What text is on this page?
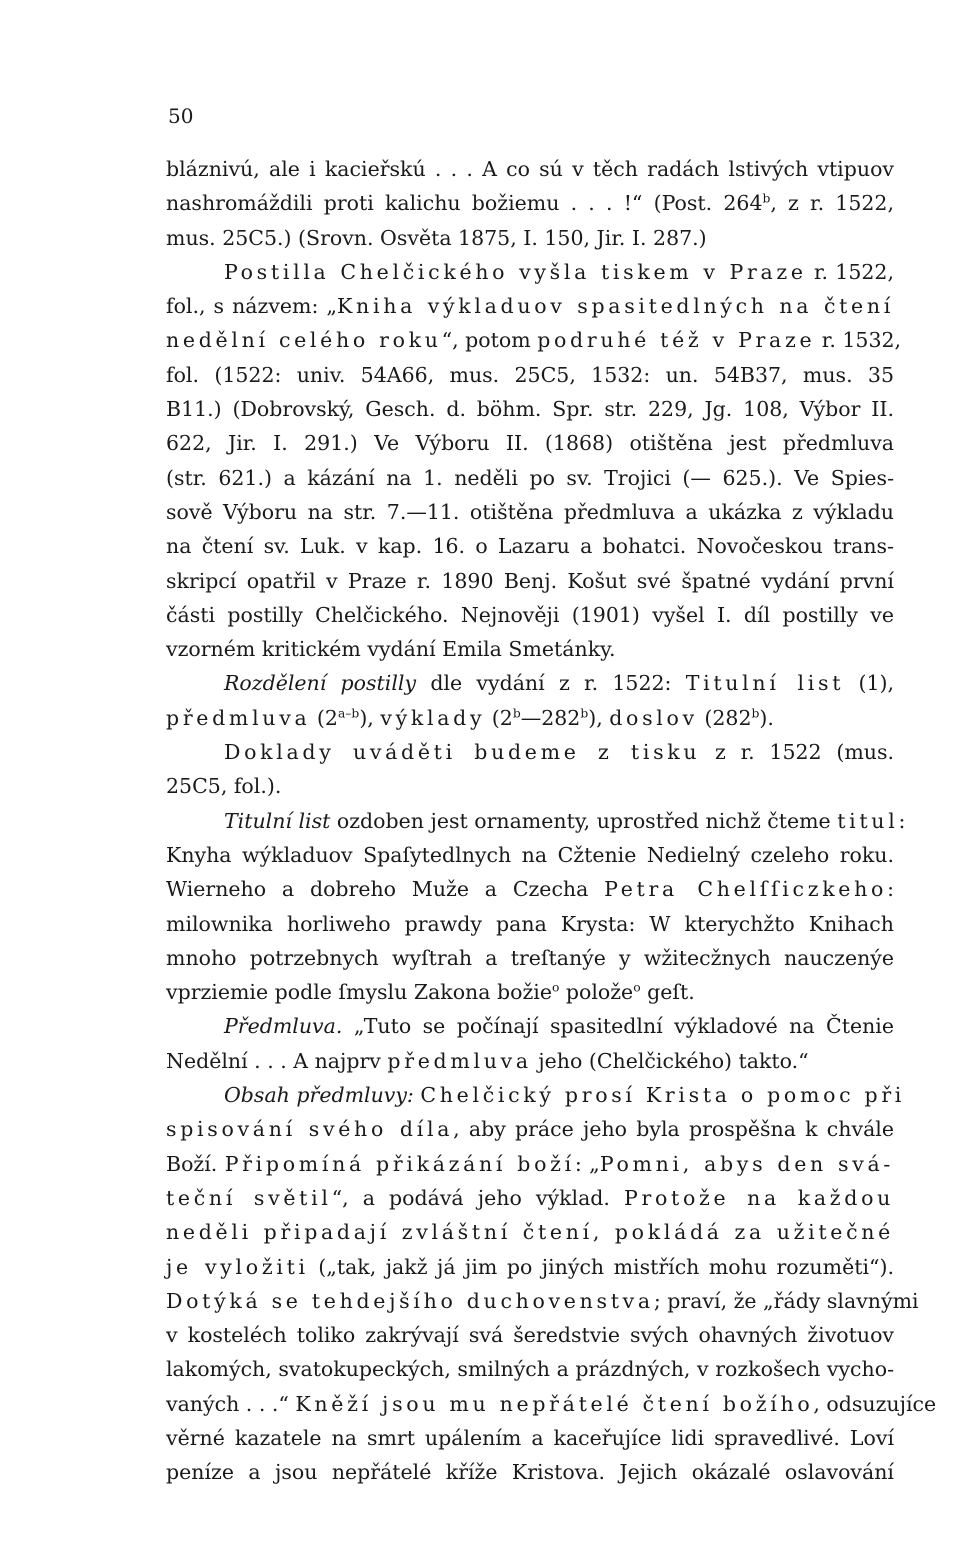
50
bláznivú, ale i kacieřskú . . . A co sú v těch radách lstivých vtipuov
nashromáždili proti kalichu božiemu . . . !“ (Post. 264$^b$, z r. 1522,
mus. 25C5.) (Srovn. Osvěta 1875, I. 150, Jir. I. 287.)
Postilla Chelčického vyšla tiskem v Praze r. 1522,
fol., s názvem: „Kniha výkladuov spasitedlných na čtení
nedělní celého roku“, potom podruhé též v Praze r. 1532,
fol. (1522: univ. 54A66, mus. 25C5, 1532: un. 54B37, mus. 35
B11.) (Dobrovský, Gesch. d. böhm. Spr. str. 229, Jg. 108, Výbor II.
622, Jir. I. 291.) Ve Výboru II. (1868) otištěna jest předmluva
(str. 621.) a kázání na 1. neděli po sv. Trojici (— 625.). Ve Spies-
sově Výboru na str. 7.—11. otištěna předmluva a ukázka z výkladu
na čtení sv. Luk. v kap. 16. o Lazaru a bohatci. Novočeskou trans-
skripcí opatřil v Praze r. 1890 Benj. Košut své špatné vydání první
části postilly Chelčického. Nejnověji (1901) vyšel I. díl postilly ve
vzorném kritickém vydání Emila Smetánky.
Rozdělení postilly dle vydání z r. 1522: Titulní list (1),
předmluva (2$^{a-b}$), výklady (2$^b$—282$^b$), doslov (282$^b$).
Doklady uváděti budeme z tisku z r. 1522 (mus.
25C5, fol.).
Titulní list ozdoben jest ornamenty, uprostřed nichž čteme titul:
Knyha wýkladuov Spaſytedlnych na Cžtenie Nedielný czeleho roku.
Wierneho a dobreho Muže a Czecha Petra Chelſſiczkeho:
milownika horliweho prawdy pana Krysta: W kterychžto Knihach
mnoho potrzebnych wyſtrah a treſtanýe y wžitecžnych nauczenýe
vprziemie podle ſmyslu Zakona božie$^o$ polože$^o$ geſt.
Předmluva. „Tuto se počínají spasitedlní výkladové na Čtenie
Nedělní . . . A najprv předmluva jeho (Chelčického) takto.“
Obsah předmluvy: Chelčický prosí Krista o pomoc při
spisování svého díla, aby práce jeho byla prospěšna k chvále
Boží. Připomíná přikázání boží: „Pomni, abys den svá-
teční světil“, a podává jeho výklad. Protože na každou
neděli připadají zvláštní čtení, pokládá za užitečné
je vyložiti („tak, jakž já jim po jiných mistřích mohu rozuměti“).
Dotýká se tehdejšího duchovenstva; praví, že „řády slavnými
v kosteléch toliko zakrývají svá šeredstvie svých ohavných životuov
lakomých, svatokupeckých, smilných a prázdných, v rozkošech vycho-
vaných . . .“ Kněží jsou mu nepřátelé čtení božího, odsuzujíce
věrné kazatele na smrt upálením a kaceřujíce lidi spravedlivé. Loví
peníze a jsou nepřátelé kříže Kristova. Jejich okázalé oslavování
